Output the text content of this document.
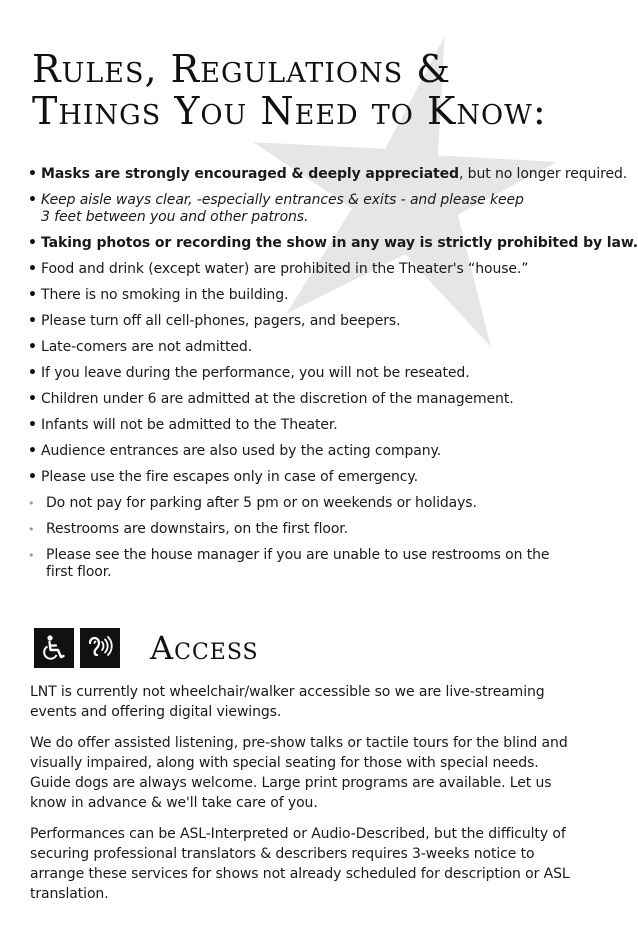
Rules, Regulations &
Things You Need to Know:
• Masks are strongly encouraged & deeply appreciated, but no longer required.
• Keep aisle ways clear, -especially entrances & exits - and please keep 3 feet between you and other patrons.
• Taking photos or recording the show in any way is strictly prohibited by law.
• Food and drink (except water) are prohibited in the Theater's “house.”
• There is no smoking in the building.
• Please turn off all cell-phones, pagers, and beepers.
• Late-comers are not admitted.
• If you leave during the performance, you will not be reseated.
• Children under 6 are admitted at the discretion of the management.
• Infants will not be admitted to the Theater.
• Audience entrances are also used by the acting company.
• Please use the fire escapes only in case of emergency.
• Do not pay for parking after 5 pm or on weekends or holidays.
• Restrooms are downstairs, on the first floor.
• Please see the house manager if you are unable to use restrooms on the first floor.
Access

LNT is currently not wheelchair/walker accessible so we are live-streaming events and offering digital viewings.

We do offer assisted listening, pre-show talks or tactile tours for the blind and visually impaired, along with special seating for those with special needs. Guide dogs are always welcome. Large print programs are available. Let us know in advance & we'll take care of you.

Performances can be ASL-Interpreted or Audio-Described, but the difficulty of securing professional translators & describers requires 3-weeks notice to arrange these services for shows not already scheduled for description or ASL translation.
